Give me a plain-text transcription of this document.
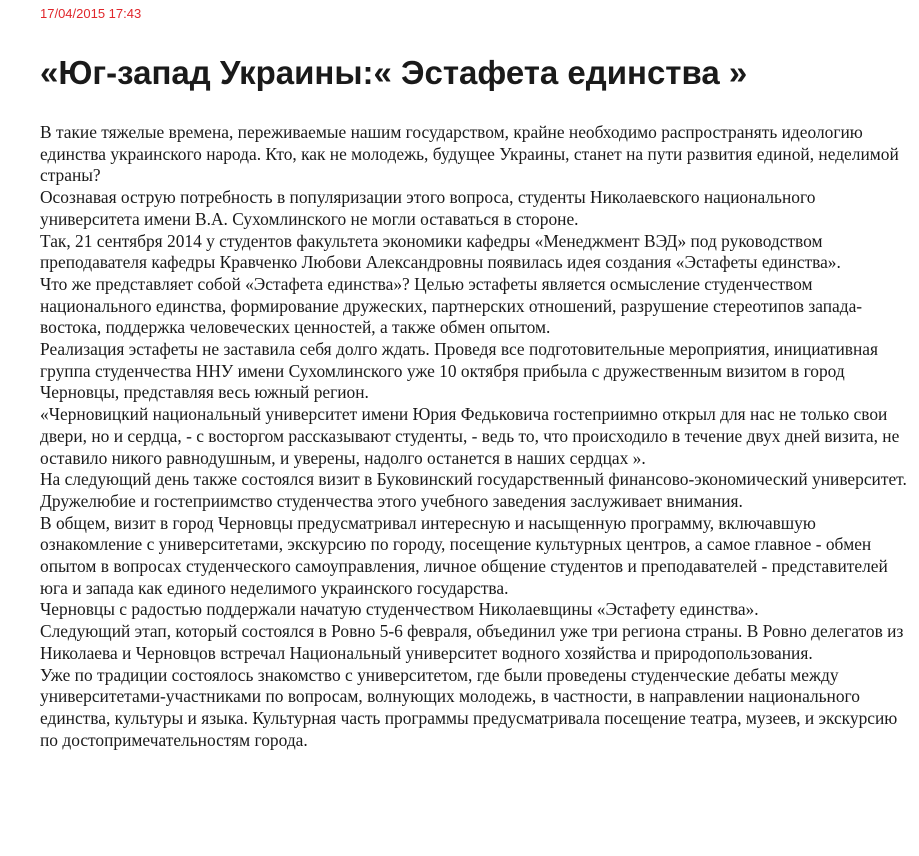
17/04/2015 17:43
«Юг-запад Украины:« Эстафета единства »

В такие тяжелые времена, переживаемые нашим государством, крайне необходимо распространять идеологию единства украинского народа. Кто, как не молодежь, будущее Украины, станет на пути развития единой, неделимой страны?

Осознавая острую потребность в популяризации этого вопроса, студенты Николаевского национального университета имени В.А. Сухомлинского не могли оставаться в стороне.

Так, 21 сентября 2014 у студентов факультета экономики кафедры «Менеджмент ВЭД» под руководством преподавателя кафедры Кравченко Любови Александровны появилась идея создания «Эстафеты единства».

Что же представляет собой «Эстафета единства»? Целью эстафеты является осмысление студенчеством национального единства, формирование дружеских, партнерских отношений, разрушение стереотипов запада-востока, поддержка человеческих ценностей, а также обмен опытом.

Реализация эстафеты не заставила себя долго ждать. Проведя все подготовительные мероприятия, инициативная группа студенчества ННУ имени Сухомлинского уже 10 октября прибыла с дружественным визитом в город Черновцы, представляя весь южный регион.

«Черновицкий национальный университет имени Юрия Федьковича гостеприимно открыл для нас не только свои двери, но и сердца, - с восторгом рассказывают студенты, - ведь то, что происходило в течение двух дней визита, не оставило никого равнодушным, и уверены, надолго останется в наших сердцах ».

На следующий день также состоялся визит в Буковинский государственный финансово-экономический университет. Дружелюбие и гостеприимство студенчества этого учебного заведения заслуживает внимания.

В общем, визит в город Черновцы предусматривал интересную и насыщенную программу, включавшую ознакомление с университетами, экскурсию по городу, посещение культурных центров, а самое главное - обмен опытом в вопросах студенческого самоуправления, личное общение студентов и преподавателей - представителей юга и запада как единого неделимого украинского государства.

Черновцы с радостью поддержали начатую студенчеством Николаевщины «Эстафету единства».

Следующий этап, который состоялся в Ровно 5-6 февраля, объединил уже три региона страны. В Ровно делегатов из Николаева и Черновцов встречал Национальный университет водного хозяйства и природопользования.

Уже по традиции состоялось знакомство с университетом, где были проведены студенческие дебаты между университетами-участниками по вопросам, волнующих молодежь, в частности, в направлении национального единства, культуры и языка. Культурная часть программы предусматривала посещение театра, музеев, и экскурсию по достопримечательностям города.
